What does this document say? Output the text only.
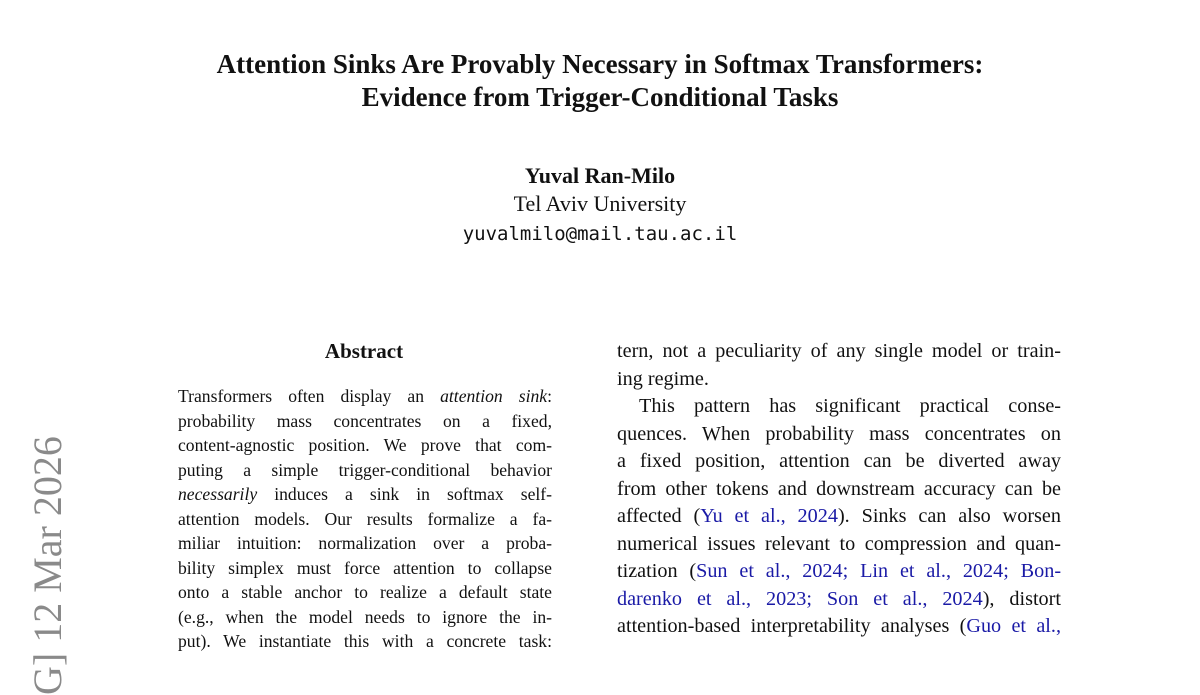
Attention Sinks Are Provably Necessary in Softmax Transformers:
Evidence from Trigger-Conditional Tasks
Yuval Ran-Milo
Tel Aviv University
yuvalmilo@mail.tau.ac.il
G] 12 Mar 2026
Abstract
Transformers often display an attention sink:
probability mass concentrates on a fixed,
content-agnostic position. We prove that com-
puting a simple trigger-conditional behavior
necessarily induces a sink in softmax self-
attention models. Our results formalize a fa-
miliar intuition: normalization over a proba-
bility simplex must force attention to collapse
onto a stable anchor to realize a default state
(e.g., when the model needs to ignore the in-
put). We instantiate this with a concrete task:
tern, not a peculiarity of any single model or train-
ing regime.
This pattern has significant practical conse-
quences. When probability mass concentrates on
a fixed position, attention can be diverted away
from other tokens and downstream accuracy can be
affected (Yu et al., 2024). Sinks can also worsen
numerical issues relevant to compression and quan-
tization (Sun et al., 2024; Lin et al., 2024; Bon-
darenko et al., 2023; Son et al., 2024), distort
attention-based interpretability analyses (Guo et al.,
